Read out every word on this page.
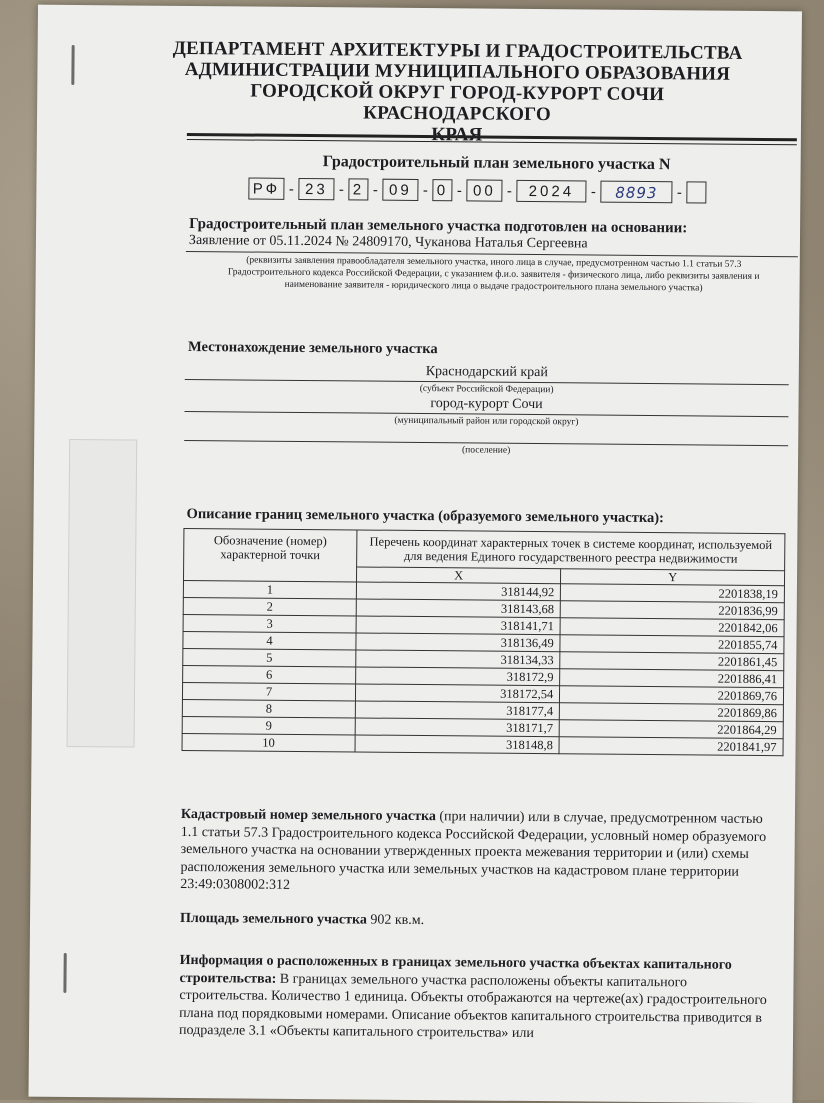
ДЕПАРТАМЕНТ АРХИТЕКТУРЫ И ГРАДОСТРОИТЕЛЬСТВА
АДМИНИСТРАЦИИ МУНИЦИПАЛЬНОГО ОБРАЗОВАНИЯ
ГОРОДСКОЙ ОКРУГ ГОРОД-КУРОРТ СОЧИ КРАСНОДАРСКОГО
КРАЯ
Градостроительный план земельного участка N
РФ - 23 - 2 - 09 - 0 - 00 -	2024	-	8893	-
Градостроительный план земельного участка подготовлен на основании:
Заявление от 05.11.2024 № 24809170, Чуканова Наталья Сергеевна
(реквизиты заявления правообладателя земельного участка, иного лица в случае, предусмотренном частью 1.1 статьи 57.3
Градостроительного кодекса Российской Федерации, с указанием ф.и.о. заявителя - физического лица, либо реквизиты заявления и
наименование заявителя - юридического лица о выдаче градостроительного плана земельного участка)
Местонахождение земельного участка
Краснодарский край
(субъект Российской Федерации)
город-курорт Сочи
(муниципальный район или городской округ)
(поселение)
Описание границ земельного участка (образуемого земельного участка):
Обозначение (номер) характерной точки	Перечень координат характерных точек в системе координат, используемой для ведения Единого государственного реестра недвижимости	
	X	Y
1	318144,92	2201838,19
2	318143,68	2201836,99
3	318141,71	2201842,06
4	318136,49	2201855,74
5	318134,33	2201861,45
6	318172,9	2201886,41
7	318172,54	2201869,76
8	318177,4	2201869,86
9	318171,7	2201864,29
10	318148,8	2201841,97
Кадастровый номер земельного участка (при наличии) или в случае, предусмотренном частью 1.1 статьи 57.3 Градостроительного кодекса Российской Федерации, условный номер образуемого земельного участка на основании утвержденных проекта межевания территории и (или) схемы расположения земельного участка или земельных участков на кадастровом плане территории 23:49:0308002:312
Площадь земельного участка 902 кв.м.
Информация о расположенных в границах земельного участка объектах капитального строительства: В границах земельного участка расположены объекты капитального строительства. Количество 1 единица. Объекты отображаются на чертеже(ах) градостроительного плана под порядковыми номерами. Описание объектов капитального строительства приводится в подразделе 3.1 «Объекты капитального строительства» или
